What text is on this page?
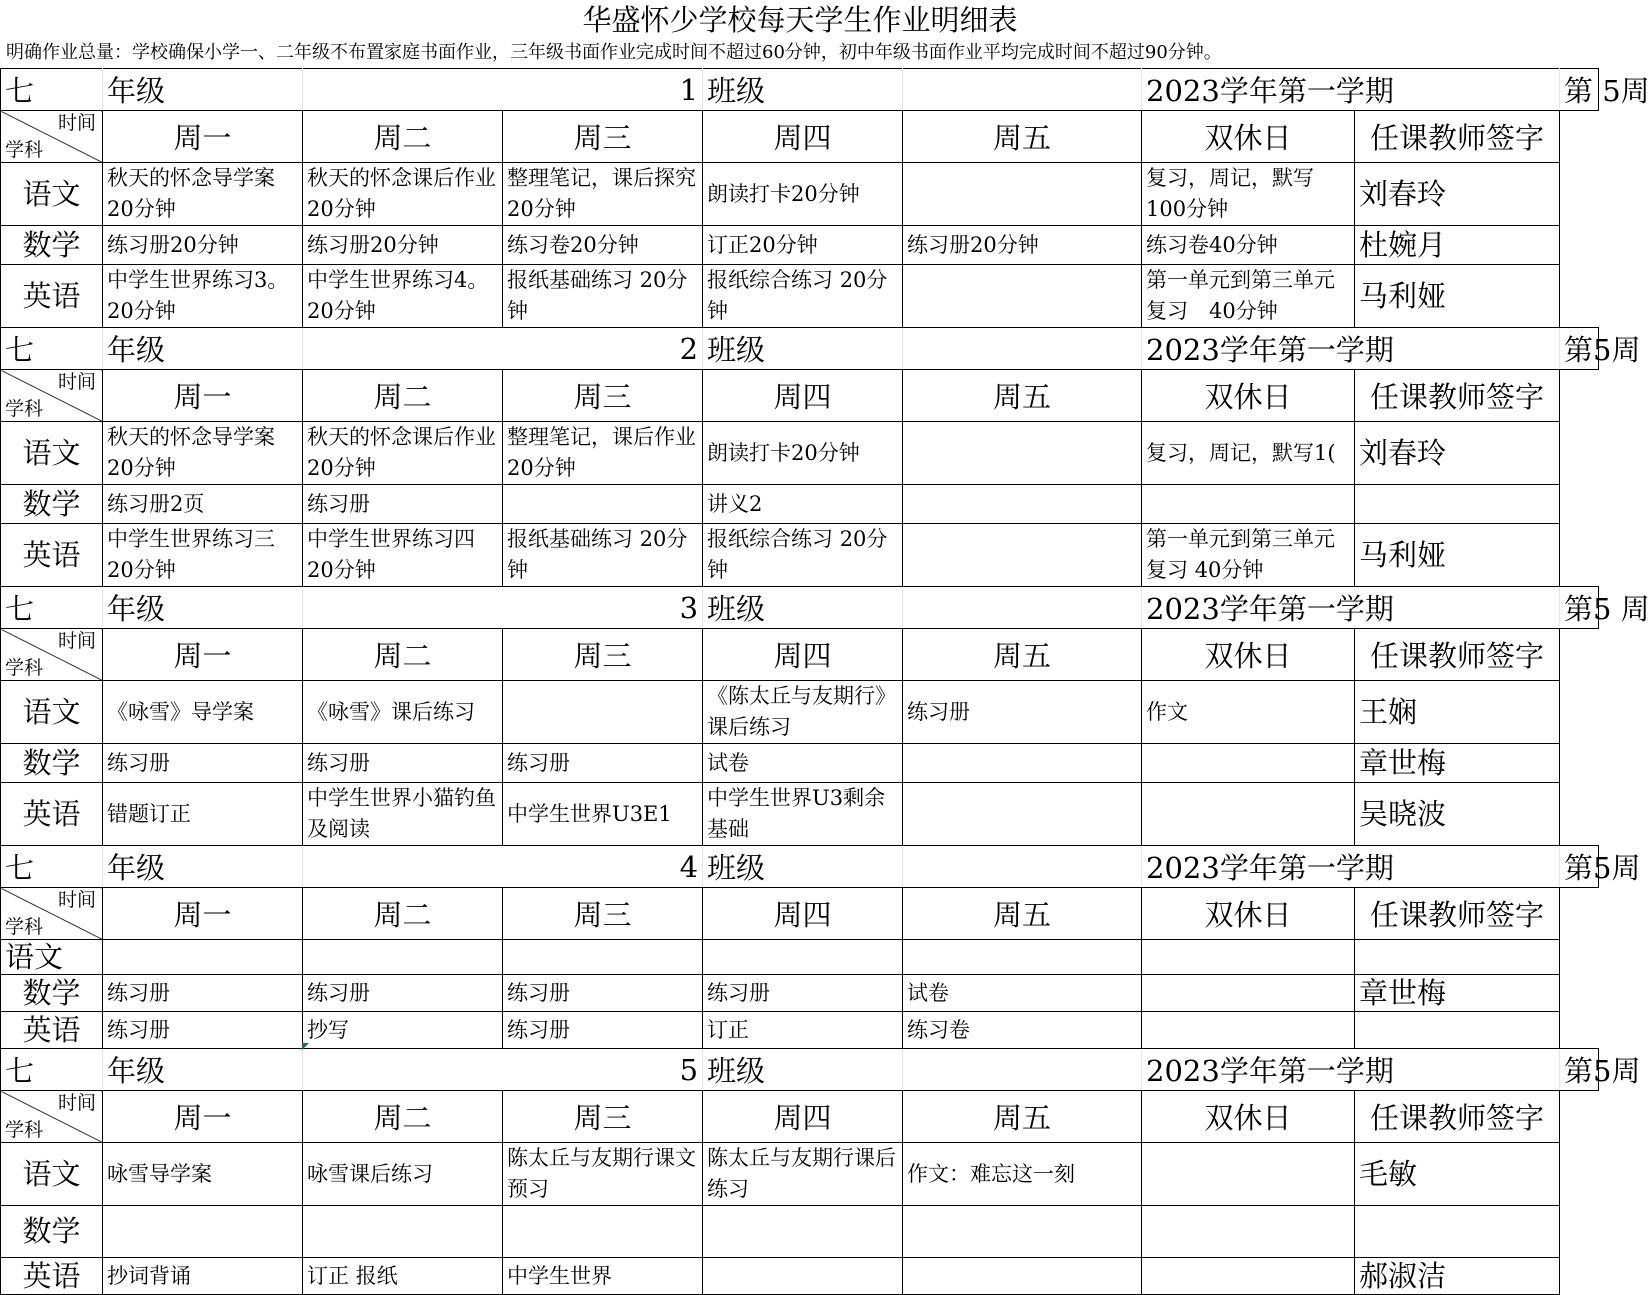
华盛怀少学校每天学生作业明细表
明确作业总量：学校确保小学一、二年级不布置家庭书面作业，三年级书面作业完成时间不超过60分钟，初中年级书面作业平均完成时间不超过90分钟。
七	年级	1		班级		2023学年第一学期		第 5周

时间
学科	周一	周二	周三	周四	周五	双休日	任课教师签字	
语文	秋天的怀念导学案20分钟	秋天的怀念课后作业20分钟	整理笔记，课后探究20分钟	朗读打卡20分钟		复习，周记，默写100分钟	刘春玲	
数学	练习册20分钟	练习册20分钟	练习卷20分钟	订正20分钟	练习册20分钟	练习卷40分钟	杜婉月	
英语	中学生世界练习3。20分钟	中学生世界练习4。20分钟	报纸基础练习 20分钟	报纸综合练习 20分钟		第一单元到第三单元复习　40分钟	马利娅	
七	年级	2		班级		2023学年第一学期		第5周

时间
学科	周一	周二	周三	周四	周五	双休日	任课教师签字	
语文	秋天的怀念导学案20分钟	秋天的怀念课后作业20分钟	整理笔记，课后作业20分钟	朗读打卡20分钟		复习，周记，默写1(	刘春玲	
数学	练习册2页	练习册		讲义2				
英语	中学生世界练习三20分钟	中学生世界练习四20分钟	报纸基础练习 20分钟	报纸综合练习 20分钟		第一单元到第三单元复习 40分钟	马利娅	
七	年级	3		班级		2023学年第一学期		第5 周

时间
学科	周一	周二	周三	周四	周五	双休日	任课教师签字	
语文	《咏雪》导学案	《咏雪》课后练习		《陈太丘与友期行》课后练习	练习册	作文	王娴	
数学	练习册	练习册	练习册	试卷			章世梅	
英语	错题订正	中学生世界小猫钓鱼及阅读	中学生世界U3E1	中学生世界U3剩余基础			吴晓波	
七	年级	4		班级		2023学年第一学期		第5周

时间
学科	周一	周二	周三	周四	周五	双休日	任课教师签字	
语文								
数学	练习册	练习册	练习册	练习册	试卷		章世梅	
英语	练习册	抄写	练习册	订正	练习卷			
七	年级	5		班级		2023学年第一学期		第5周

时间
学科	周一	周二	周三	周四	周五	双休日	任课教师签字	
语文	咏雪导学案	咏雪课后练习	陈太丘与友期行课文预习	陈太丘与友期行课后练习	作文：难忘这一刻		毛敏	
数学								
英语	抄词背诵	订正 报纸	中学生世界				郝淑洁	
